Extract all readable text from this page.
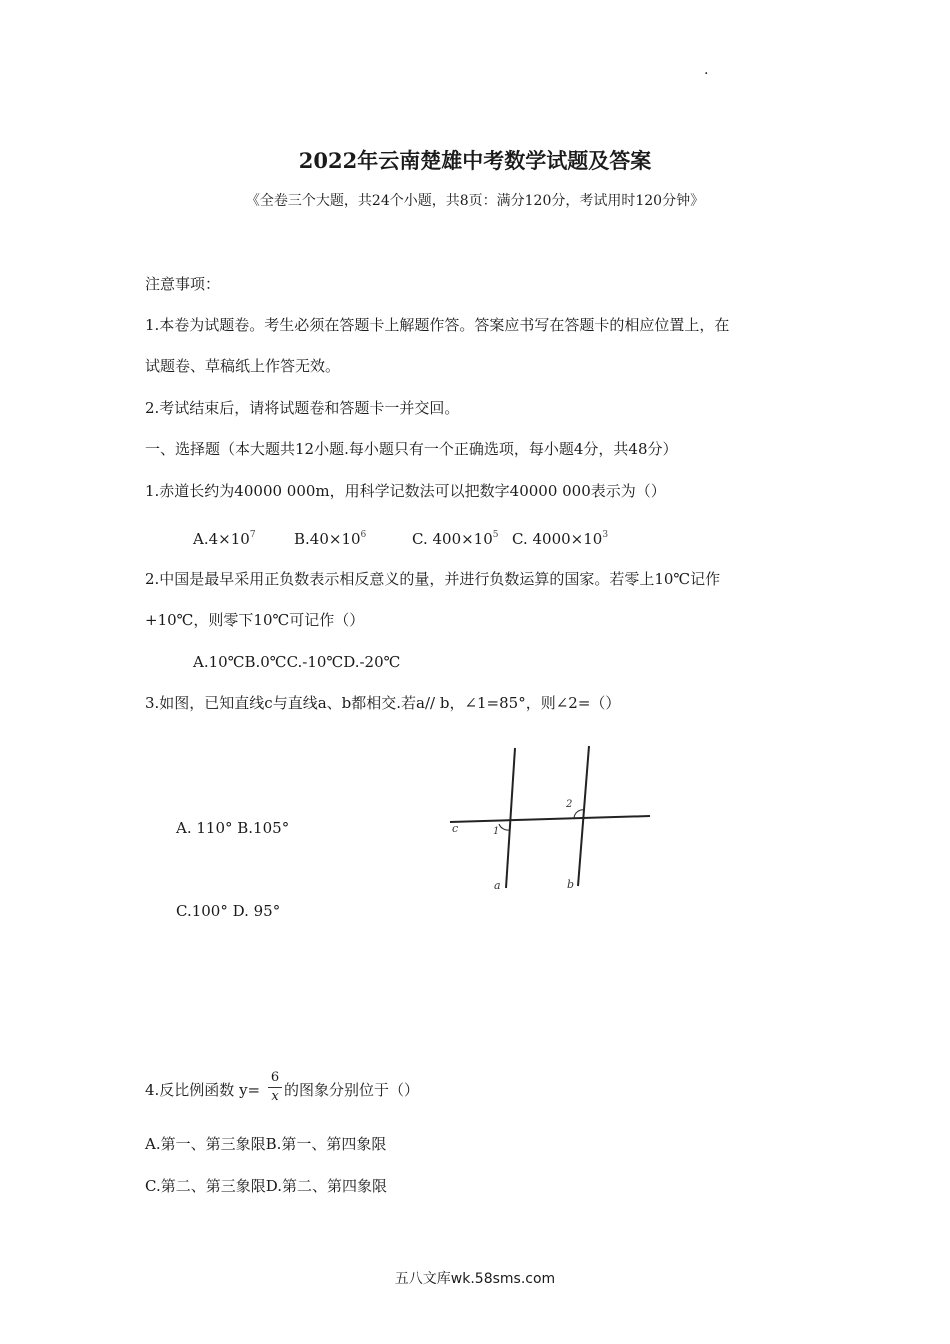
.
2022年云南楚雄中考数学试题及答案
《全卷三个大题，共24个小题，共8页：满分120分，考试用时120分钟》
注意事项：
1.本卷为试题卷。考生必须在答题卡上解题作答。答案应书写在答题卡的相应位置上，在
试题卷、草稿纸上作答无效。
2.考试结束后，请将试题卷和答题卡一并交回。
一、选择题（本大题共12小题.每小题只有一个正确选项，每小题4分，共48分）
1.赤道长约为40000 000m，用科学记数法可以把数字40000 000表示为（）
$A.4\times 10^7$	$B.40\times 10^6$	C. $400\times 10^5$ C. $4000\times 10^3$
2.中国是最早采用正负数表示相反意义的量，并进行负数运算的国家。若零上10℃记作
+10℃，则零下10℃可记作（）
A.10℃B.0℃C.-10℃D.-20℃
3.如图，已知直线c与直线a、b都相交.若a// b，∠1=85°，则∠2=（）
c	1
2
a	b
A. 110° B.105°
C.100° D. 95°
4.反比例函数 y=
6
x 的图象分别位于（）
A.第一、第三象限B.第一、第四象限
C.第二、第三象限D.第二、第四象限
五八文库wk.58sms.com
